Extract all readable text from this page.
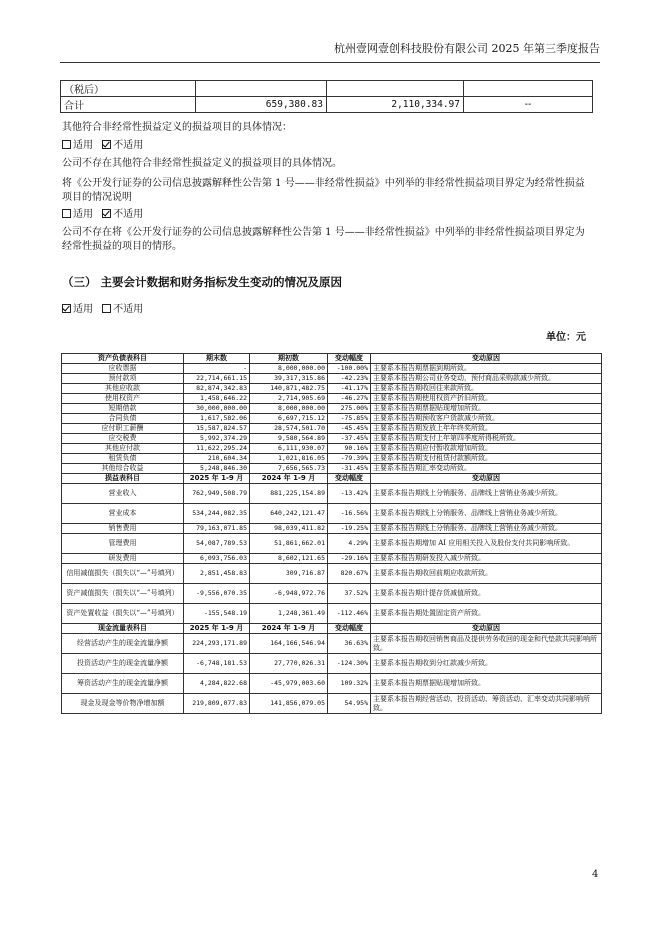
杭州壹网壹创科技股份有限公司 2025 年第三季度报告
（税后）			
合计	659,380.83	2,110,334.97	--
其他符合非经常性损益定义的损益项目的具体情况：
适用 不适用
公司不存在其他符合非经常性损益定义的损益项目的具体情况。
将《公开发行证券的公司信息披露解释性公告第 1 号——非经常性损益》中列举的非经常性损益项目界定为经常性损益项目的情况说明
适用 不适用
公司不存在将《公开发行证券的公司信息披露解释性公告第 1 号——非经常性损益》中列举的非经常性损益项目界定为经常性损益的项目的情形。
（三） 主要会计数据和财务指标发生变动的情况及原因
适用 不适用
单位：元
资产负债表科目	期末数	期初数	变动幅度	变动原因
应收票据	-	8,000,000.00	-100.00%	主要系本报告期票据到期所致。
预付款项	22,714,661.15	39,317,315.86	-42.23%	主要系本报告期公司业务变动，预付商品采购款减少所致。
其他应收款	82,874,342.83	140,871,482.75	-41.17%	主要系本报告期收回往来款所致。
使用权资产	1,458,646.22	2,714,905.69	-46.27%	主要系本报告期使用权资产折旧所致。
短期借款	30,000,000.00	8,000,000.00	275.00%	主要系本报告期票据贴现增加所致。
合同负债	1,617,582.06	6,697,715.12	-75.85%	主要系本报告期预收客户货款减少所致。
应付职工薪酬	15,587,824.57	28,574,501.70	-45.45%	主要系本报告期发放上年年终奖所致。
应交税费	5,992,374.29	9,580,564.89	-37.45%	主要系本报告期支付上年第四季度所得税所致。
其他应付款	11,622,295.24	6,111,930.07	90.16%	主要系本报告期应付暂收款增加所致。
租赁负债	210,604.34	1,021,816.05	-79.39%	主要系本报告期支付租赁付款额所致。
其他综合收益	5,248,846.30	7,656,565.73	-31.45%	主要系本报告期汇率变动所致。
损益表科目	2025 年 1-9 月	2024 年 1-9 月	变动幅度	变动原因
营业收入	762,949,508.79	881,225,154.89	-13.42%	主要系本报告期线上分销服务、品牌线上营销业务减少所致。
营业成本	534,244,082.35	640,242,121.47	-16.56%	主要系本报告期线上分销服务、品牌线上营销业务减少所致。
销售费用	79,163,071.85	98,039,411.82	-19.25%	主要系本报告期线上分销服务、品牌线上营销业务减少所致。
管理费用	54,087,789.53	51,861,662.01	4.29%	主要系本报告期增加 AI 应用相关投入及股份支付共同影响所致。
研发费用	6,093,756.03	8,602,121.65	-29.16%	主要系本报告期研发投入减少所致。
信用减值损失（损失以“—”号填列）	2,851,458.83	309,716.87	820.67%	主要系本报告期收回前期应收款所致。
资产减值损失（损失以“—”号填列）	-9,556,070.35	-6,948,972.76	37.52%	主要系本报告期计提存货减值所致。
资产处置收益（损失以“—”号填列）	-155,548.19	1,248,361.49	-112.46%	主要系本报告期处置固定资产所致。
现金流量表科目	2025 年 1-9 月	2024 年 1-9 月	变动幅度	变动原因
经营活动产生的现金流量净额	224,293,171.89	164,166,546.94	36.63%	主要系本报告期收回销售商品及提供劳务收回的现金和代垫款共同影响所致。
投资活动产生的现金流量净额	-6,748,181.53	27,770,026.31	-124.30%	主要系本报告期收到分红款减少所致。
筹资活动产生的现金流量净额	4,284,822.68	-45,979,003.60	109.32%	主要系本报告期票据贴现增加所致。
现金及现金等价物净增加额	219,809,077.83	141,856,079.05	54.95%	主要系本报告期经营活动、投资活动、筹资活动、汇率变动共同影响所致。
4
